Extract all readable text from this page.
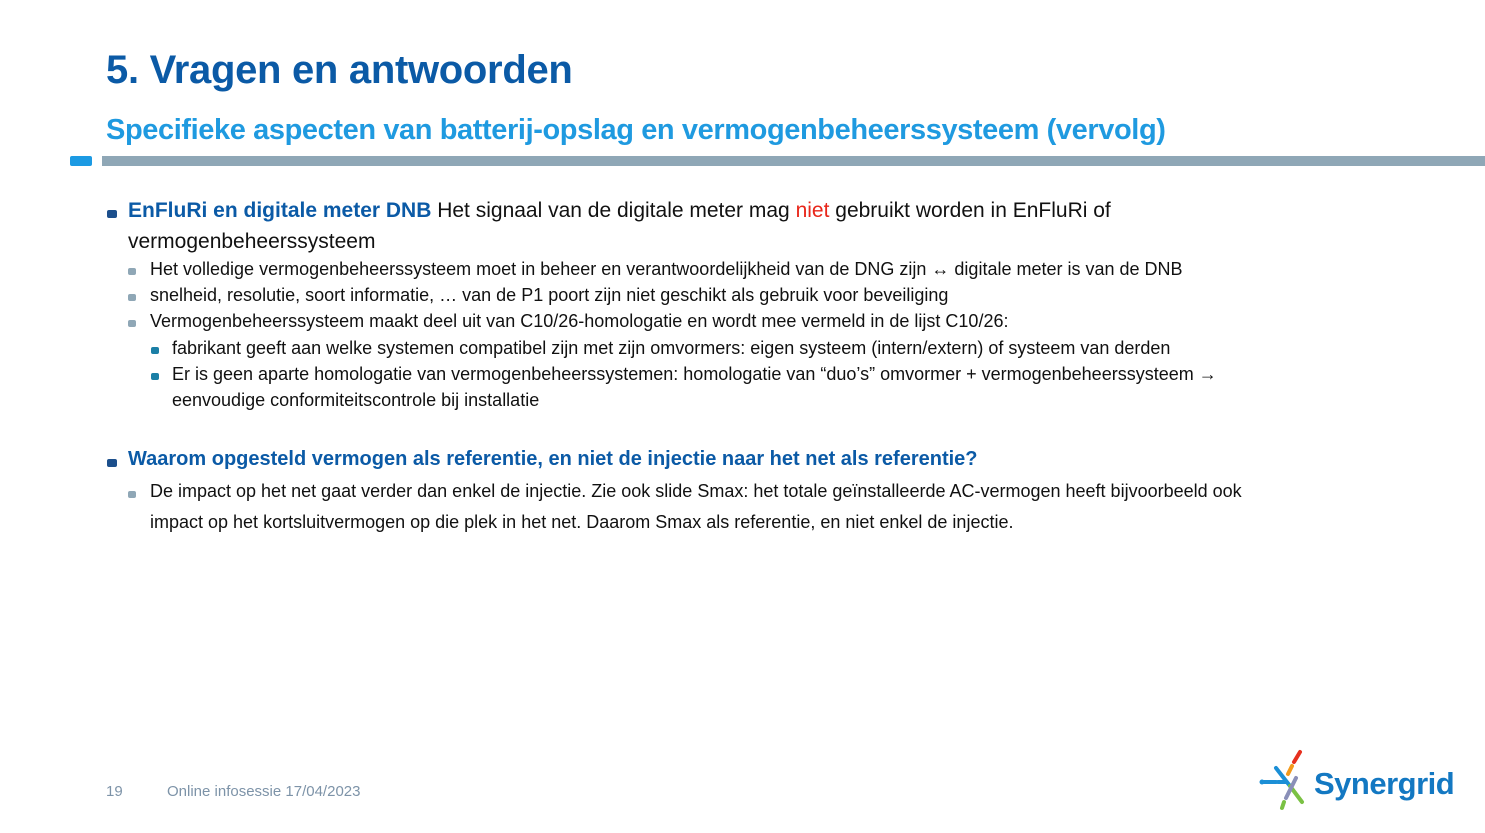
5. Vragen en antwoorden
Specifieke aspecten van batterij-opslag en vermogenbeheerssysteem (vervolg)
EnFluRi en digitale meter DNB Het signaal van de digitale meter mag niet gebruikt worden in EnFluRi of
vermogenbeheerssysteem
Het volledige vermogenbeheerssysteem moet in beheer en verantwoordelijkheid van de DNG zijn ↔ digitale meter is van de DNB
snelheid, resolutie, soort informatie, … van de P1 poort zijn niet geschikt als gebruik voor beveiliging
Vermogenbeheerssysteem maakt deel uit van C10/26-homologatie en wordt mee vermeld in de lijst C10/26:
fabrikant geeft aan welke systemen compatibel zijn met zijn omvormers: eigen systeem (intern/extern) of systeem van derden
Er is geen aparte homologatie van vermogenbeheerssystemen: homologatie van “duo’s” omvormer + vermogenbeheerssysteem →
eenvoudige conformiteitscontrole bij installatie
Waarom opgesteld vermogen als referentie, en niet de injectie naar het net als referentie?
De impact op het net gaat verder dan enkel de injectie. Zie ook slide Smax: het totale geïnstalleerde AC-vermogen heeft bijvoorbeeld ook
impact op het kortsluitvermogen op die plek in het net. Daarom Smax als referentie, en niet enkel de injectie.
19	Online infosessie 17/04/2023	Synergrid
